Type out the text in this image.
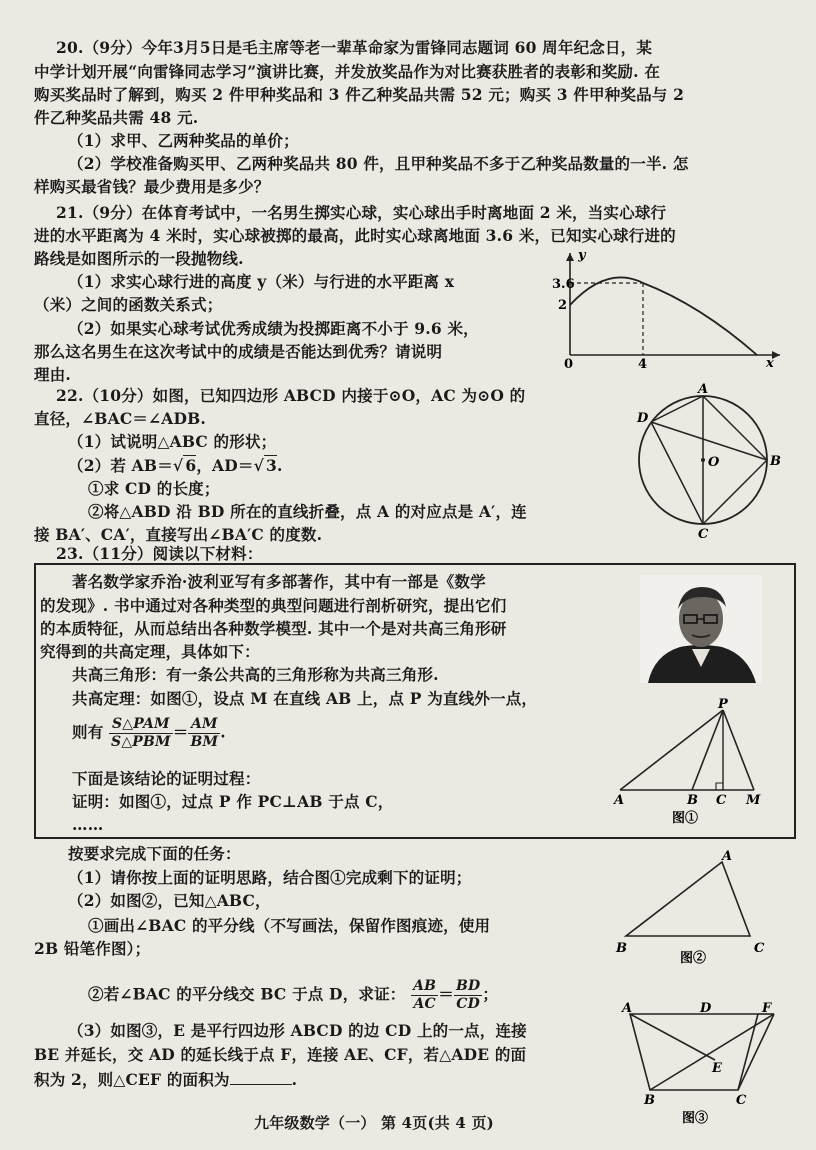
20.（9分）今年3月5日是毛主席等老一辈革命家为雷锋同志题词 60 周年纪念日，某
中学计划开展“向雷锋同志学习”演讲比赛，并发放奖品作为对比赛获胜者的表彰和奖励. 在
购买奖品时了解到，购买 2 件甲种奖品和 3 件乙种奖品共需 52 元；购买 3 件甲种奖品与 2
件乙种奖品共需 48 元.
（1）求甲、乙两种奖品的单价；
（2）学校准备购买甲、乙两种奖品共 80 件，且甲种奖品不多于乙种奖品数量的一半. 怎
样购买最省钱？最少费用是多少？
21.（9分）在体育考试中，一名男生掷实心球，实心球出手时离地面 2 米，当实心球行
进的水平距离为 4 米时，实心球被掷的最高，此时实心球离地面 3.6 米，已知实心球行进的
路线是如图所示的一段抛物线.
（1）求实心球行进的高度 y（米）与行进的水平距离 x
（米）之间的函数关系式；
（2）如果实心球考试优秀成绩为投掷距离不小于 9.6 米，
那么这名男生在这次考试中的成绩是否能达到优秀？请说明
理由.
3.6
2
4
0	x
y
22.（10分）如图，已知四边形 ABCD 内接于⊙O，AC 为⊙O 的
直径，∠BAC＝∠ADB.
（1）试说明△ABC 的形状；
（2）若 AB＝√ 6，AD＝√ 3.
①求 CD 的长度；
②将△ABD 沿 BD 所在的直线折叠，点 A 的对应点是 A′，连
接 BA′、CA′，直接写出∠BA′C 的度数.
A
B
C
D
O
23.（11分）阅读以下材料：
著名数学家乔治·波利亚写有多部著作，其中有一部是《数学
的发现》. 书中通过对各种类型的典型问题进行剖析研究，提出它们
的本质特征，从而总结出各种数学模型. 其中一个是对共高三角形研
究得到的共高定理，具体如下：
共高三角形：有一条公共高的三角形称为共高三角形.
共高定理：如图①，设点 M 在直线 AB 上，点 P 为直线外一点，
则有 $\frac{\text{S△PAM}}{\text{S△PBM}} = \frac{AM}{BM}$ .
下面是该结论的证明过程：
证明：如图①，过点 P 作 PC⊥AB 于点 C，
……
P
A	B C M
图①
按要求完成下面的任务：
（1）请你按上面的证明思路，结合图①完成剩下的证明；
（2）如图②，已知△ABC，
①画出∠BAC 的平分线（不写画法，保留作图痕迹，使用
2B 铅笔作图）；
②若∠BAC 的平分线交 BC 于点 D，求证： $\frac{AB}{AC} = \frac{BD}{CD}$ ；
A
B	C
图②
（3）如图③，E 是平行四边形 ABCD 的边 CD 上的一点，连接
BE 并延长，交 AD 的延长线于点 F，连接 AE、CF，若△ADE 的面
积为 2，则△CEF 的面积为	.
A	D	F
E
B	C
图③
九年级数学（一） 第 4页(共 4 页)
